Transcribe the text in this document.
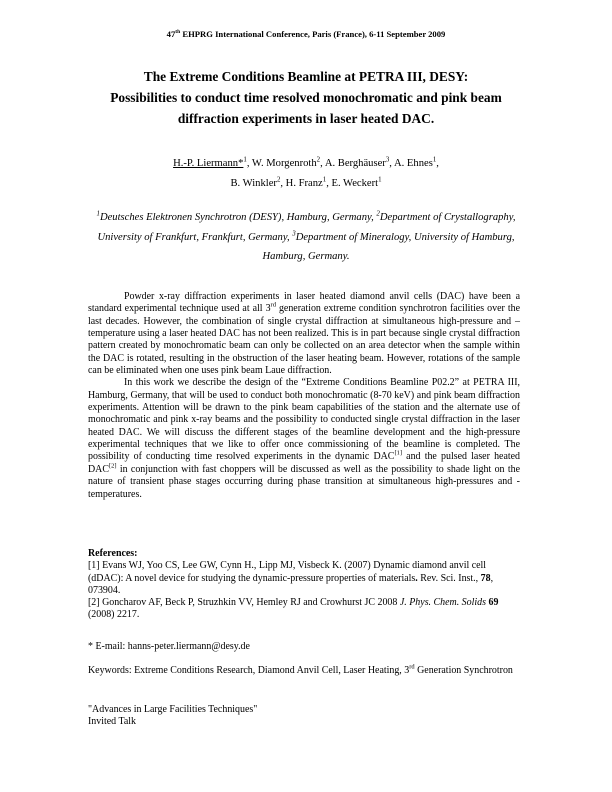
47th EHPRG International Conference, Paris (France), 6-11 September 2009
The Extreme Conditions Beamline at PETRA III, DESY:
Possibilities to conduct time resolved monochromatic and pink beam
diffraction experiments in laser heated DAC.
H.-P. Liermann*$^1$, W. Morgenroth$^2$, A. Berghäuser$^3$, A. Ehnes$^1$,
B. Winkler$^2$, H. Franz$^1$, E. Weckert$^1$
$^1$Deutsches Elektronen Synchrotron (DESY), Hamburg, Germany, $^2$Department of Crystallography, University of Frankfurt, Frankfurt, Germany, $^3$Department of Mineralogy, University of Hamburg, Hamburg, Germany.

Powder x-ray diffraction experiments in laser heated diamond anvil cells (DAC) have been a standard experimental technique used at all 3rd generation extreme condition synchrotron facilities over the last decades. However, the combination of single crystal diffraction at simultaneous high-pressure and –temperature using a laser heated DAC has not been realized. This is in part because single crystal diffraction pattern created by monochromatic beam can only be collected on an area detector when the sample within the DAC is rotated, resulting in the obstruction of the laser heating beam. However, rotations of the sample can be eliminated when one uses pink beam Laue diffraction.

In this work we describe the design of the “Extreme Conditions Beamline P02.2” at PETRA III, Hamburg, Germany, that will be used to conduct both monochromatic (8-70 keV) and pink beam diffraction experiments. Attention will be drawn to the pink beam capabilities of the station and the alternate use of monochromatic and pink x-ray beams and the possibility to conducted single crystal diffraction in the laser heated DAC. We will discuss the different stages of the beamline development and the high-pressure experimental techniques that we like to offer once commissioning of the beamline is completed. The possibility of conducting time resolved experiments in the dynamic DAC[1] and the pulsed laser heated DAC[2] in conjunction with fast choppers will be discussed as well as the possibility to shade light on the nature of transient phase stages occurring during phase transition at simultaneous high-pressures and -temperatures.

References:
[1] Evans WJ, Yoo CS, Lee GW, Cynn H., Lipp MJ, Visbeck K. (2007) Dynamic diamond anvil cell (dDAC): A novel device for studying the dynamic-pressure properties of materials. Rev. Sci. Inst., 78, 073904.
[2] Goncharov AF, Beck P, Struzhkin VV, Hemley RJ and Crowhurst JC 2008 J. Phys. Chem. Solids 69 (2008) 2217.
* E-mail: hanns-peter.liermann@desy.de
Keywords: Extreme Conditions Research, Diamond Anvil Cell, Laser Heating, 3rd Generation Synchrotron
"Advances in Large Facilities Techniques"
Invited Talk
